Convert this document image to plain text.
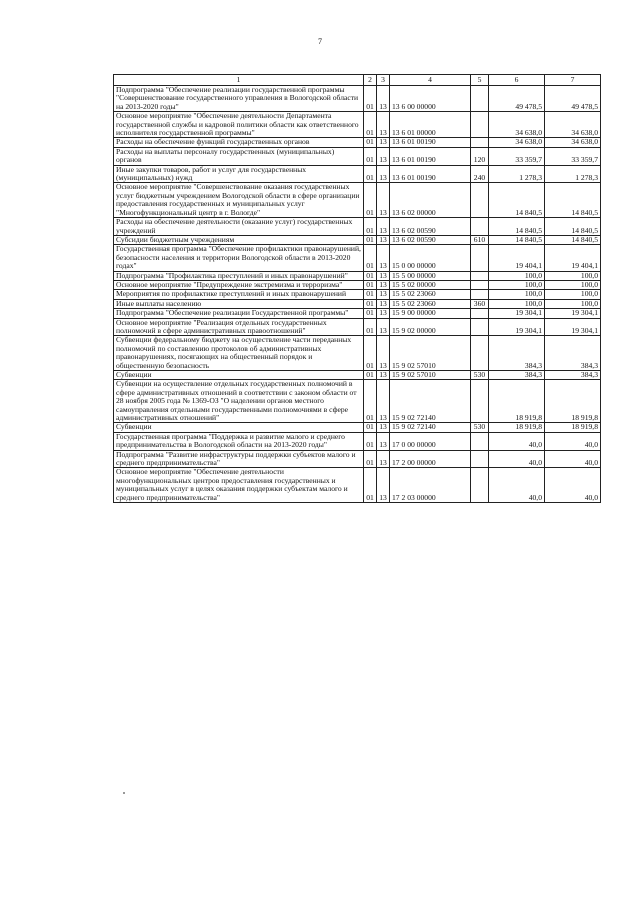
7
1	2	3	4	5	6	7
Подпрограмма "Обеспечение реализации государственной программы "Совершенствование государственного управления в Вологодской области на 2013-2020 годы"	01	13	13 6 00 00000		49 478,5	49 478,5
Основное мероприятие "Обеспечение деятельности Департамента государственной службы и кадровой политики области как ответственного исполнителя государственной программы"	01	13	13 6 01 00000		34 638,0	34 638,0
Расходы на обеспечение функций государственных органов	01	13	13 6 01 00190		34 638,0	34 638,0
Расходы на выплаты персоналу государственных (муниципальных) органов	01	13	13 6 01 00190	120	33 359,7	33 359,7
Иные закупки товаров, работ и услуг для государственных (муниципальных) нужд	01	13	13 6 01 00190	240	1 278,3	1 278,3
Основное мероприятие "Совершенствование оказания государственных услуг бюджетным учреждением Вологодской области в сфере организации предоставления государственных и муниципальных услуг "Многофункциональный центр в г. Вологде"	01	13	13 6 02 00000		14 840,5	14 840,5
Расходы на обеспечение деятельности (оказание услуг) государственных учреждений	01	13	13 6 02 00590		14 840,5	14 840,5
Субсидии бюджетным учреждениям	01	13	13 6 02 00590	610	14 840,5	14 840,5
Государственная программа "Обеспечение профилактики правонарушений, безопасности населения и территории Вологодской области в 2013-2020 годах"	01	13	15 0 00 00000		19 404,1	19 404,1
Подпрограмма "Профилактика преступлений и иных правонарушений"	01	13	15 5 00 00000		100,0	100,0
Основное мероприятие "Предупреждение экстремизма и терроризма"	01	13	15 5 02 00000		100,0	100,0
Мероприятия по профилактике преступлений и иных правонарушений	01	13	15 5 02 23060		100,0	100,0
Иные выплаты населению	01	13	15 5 02 23060	360	100,0	100,0
Подпрограмма "Обеспечение реализации Государственной программы"	01	13	15 9 00 00000		19 304,1	19 304,1
Основное мероприятие "Реализация отдельных государственных полномочий в сфере административных правоотношений"	01	13	15 9 02 00000		19 304,1	19 304,1
Субвенции федеральному бюджету на осуществление части переданных полномочий по составлению протоколов об административных правонарушениях, посягающих на общественный порядок и общественную безопасность	01	13	15 9 02 57010		384,3	384,3
Субвенции	01	13	15 9 02 57010	530	384,3	384,3
Субвенции на осуществление отдельных государственных полномочий в сфере административных отношений в соответствии с законом области от 28 ноября 2005 года № 1369-ОЗ "О наделении органов местного самоуправления отдельными государственными полномочиями в сфере административных отношений"	01	13	15 9 02 72140		18 919,8	18 919,8
Субвенции	01	13	15 9 02 72140	530	18 919,8	18 919,8
Государственная программа "Поддержка и развитие малого и среднего предпринимательства в Вологодской области на 2013-2020 годы"	01	13	17 0 00 00000		40,0	40,0
Подпрограмма "Развитие инфраструктуры поддержки субъектов малого и среднего предпринимательства"	01	13	17 2 00 00000		40,0	40,0
Основное мероприятие "Обеспечение деятельности многофункциональных центров предоставления государственных и муниципальных услуг в целях оказания поддержки субъектам малого и среднего предпринимательства"	01	13	17 2 03 00000		40,0	40,0
